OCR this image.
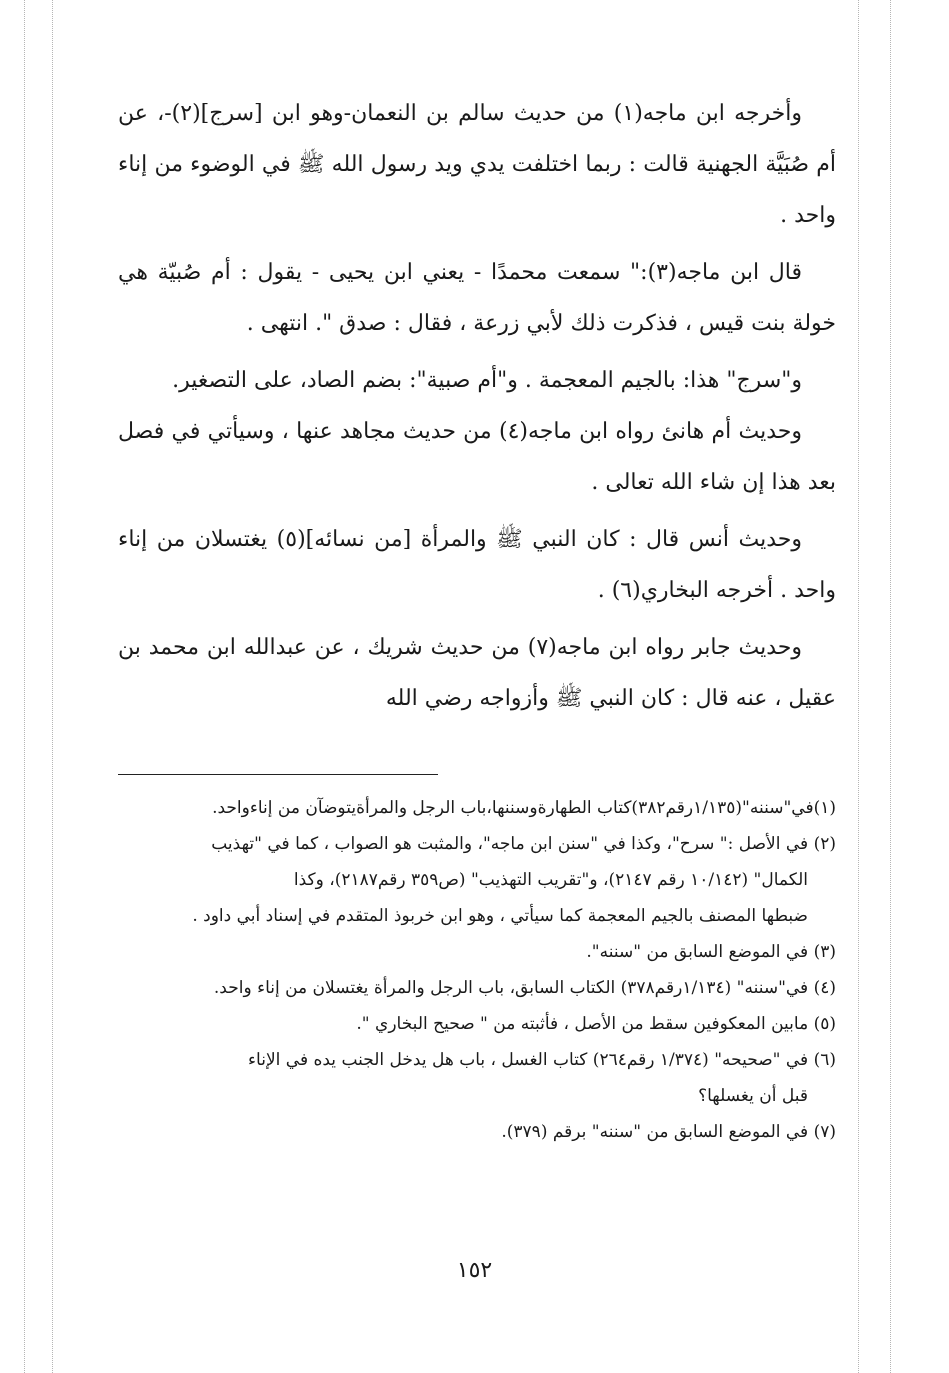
وأخرجه ابن ماجه(١) من حديث سالم بن النعمان-وهو ابن [سرج](٢)-، عن أم صُبَيَّة الجهنية قالت : ربما اختلفت يدي ويد رسول الله ﷺ في الوضوء من إناء واحد .

قال ابن ماجه(٣):" سمعت محمدًا - يعني ابن يحيى - يقول : أم صُبيّة هي خولة بنت قيس ، فذكرت ذلك لأبي زرعة ، فقال : صدق ". انتهى .

و"سرج" هذا: بالجيم المعجمة . و"أم صبية": بضم الصاد، على التصغير.

وحديث أم هانئ رواه ابن ماجه(٤) من حديث مجاهد عنها ، وسيأتي في فصل بعد هذا إن شاء الله تعالى .

وحديث أنس قال : كان النبي ﷺ والمرأة [من نسائه](٥) يغتسلان من إناء واحد . أخرجه البخاري(٦) .

وحديث جابر رواه ابن ماجه(٧) من حديث شريك ، عن عبدالله ابن محمد بن عقيل ، عنه قال : كان النبي ﷺ وأزواجه رضي الله

(١)في"سننه"(١/١٣٥رقم٣٨٢)كتاب الطهارةوسننها،باب الرجل والمرأةيتوضآن من إناءواحد.

(٢) في الأصل :" سرح"، وكذا في "سنن ابن ماجه"، والمثبت هو الصواب ، كما في "تهذيب

الكمال" (١٠/١٤٢ رقم ٢١٤٧)، و"تقريب التهذيب" (ص٣٥٩ رقم٢١٨٧)، وكذا

ضبطها المصنف بالجيم المعجمة كما سيأتي ، وهو ابن خربوذ المتقدم في إسناد أبي داود .

(٣) في الموضع السابق من "سننه".

(٤) في"سننه" (١/١٣٤رقم٣٧٨) الكتاب السابق، باب الرجل والمرأة يغتسلان من إناء واحد.

(٥) مابين المعكوفين سقط من الأصل ، فأثبته من " صحيح البخاري ".

(٦) في "صحيحه" (١/٣٧٤ رقم٢٦٤) كتاب الغسل ، باب هل يدخل الجنب يده في الإناء

قبل أن يغسلها؟

(٧) في الموضع السابق من "سننه" برقم (٣٧٩).

١٥٢
